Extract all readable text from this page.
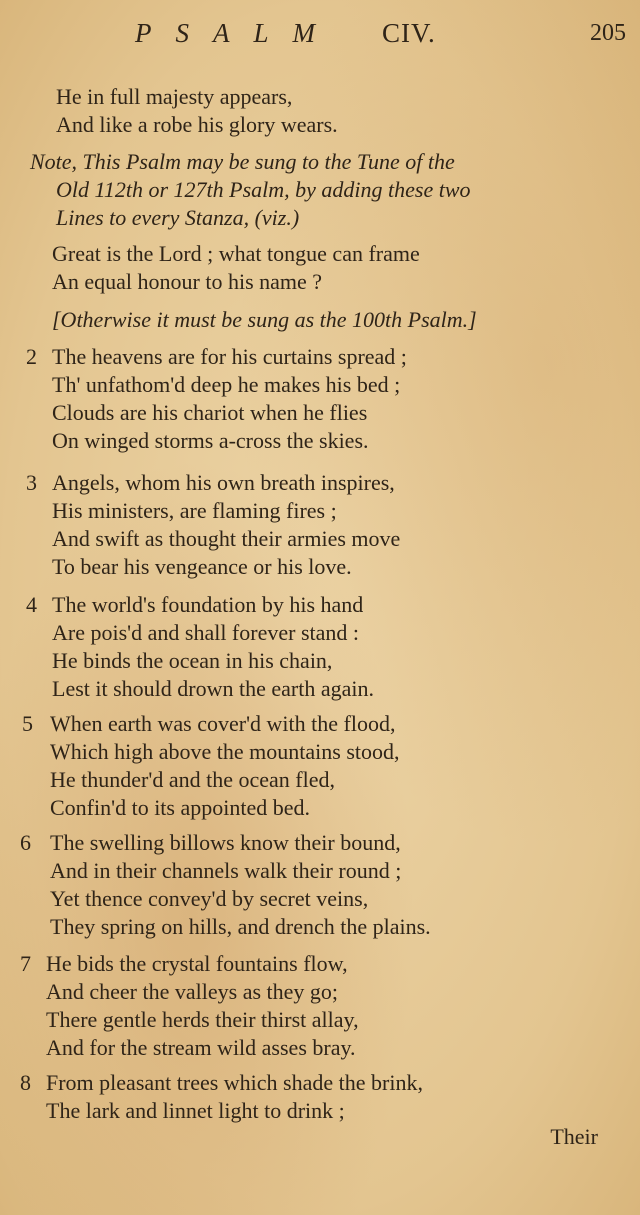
PSALM CIV.	205
He in full majesty appears,
And like a robe his glory wears.
Note, This Psalm may be sung to the Tune of the
Old 112th or 127th Psalm, by adding these two
Lines to every Stanza, (viz.)
Great is the Lord ; what tongue can frame
An equal honour to his name ?
[Otherwise it must be sung as the 100th Psalm.]
2 The heavens are for his curtains spread ;
Th' unfathom'd deep he makes his bed ;
Clouds are his chariot when he flies
On winged storms a-cross the skies.
3 Angels, whom his own breath inspires,
His ministers, are flaming fires ;
And swift as thought their armies move
To bear his vengeance or his love.
4 The world's foundation by his hand
Are pois'd and shall forever stand :
He binds the ocean in his chain,
Lest it should drown the earth again.
5 When earth was cover'd with the flood,
Which high above the mountains stood,
He thunder'd and the ocean fled,
Confin'd to its appointed bed.
6 The swelling billows know their bound,
And in their channels walk their round ;
Yet thence convey'd by secret veins,
They spring on hills, and drench the plains.
7 He bids the crystal fountains flow,
And cheer the valleys as they go;
There gentle herds their thirst allay,
And for the stream wild asses bray.
8 From pleasant trees which shade the brink,
The lark and linnet light to drink ;
Their
